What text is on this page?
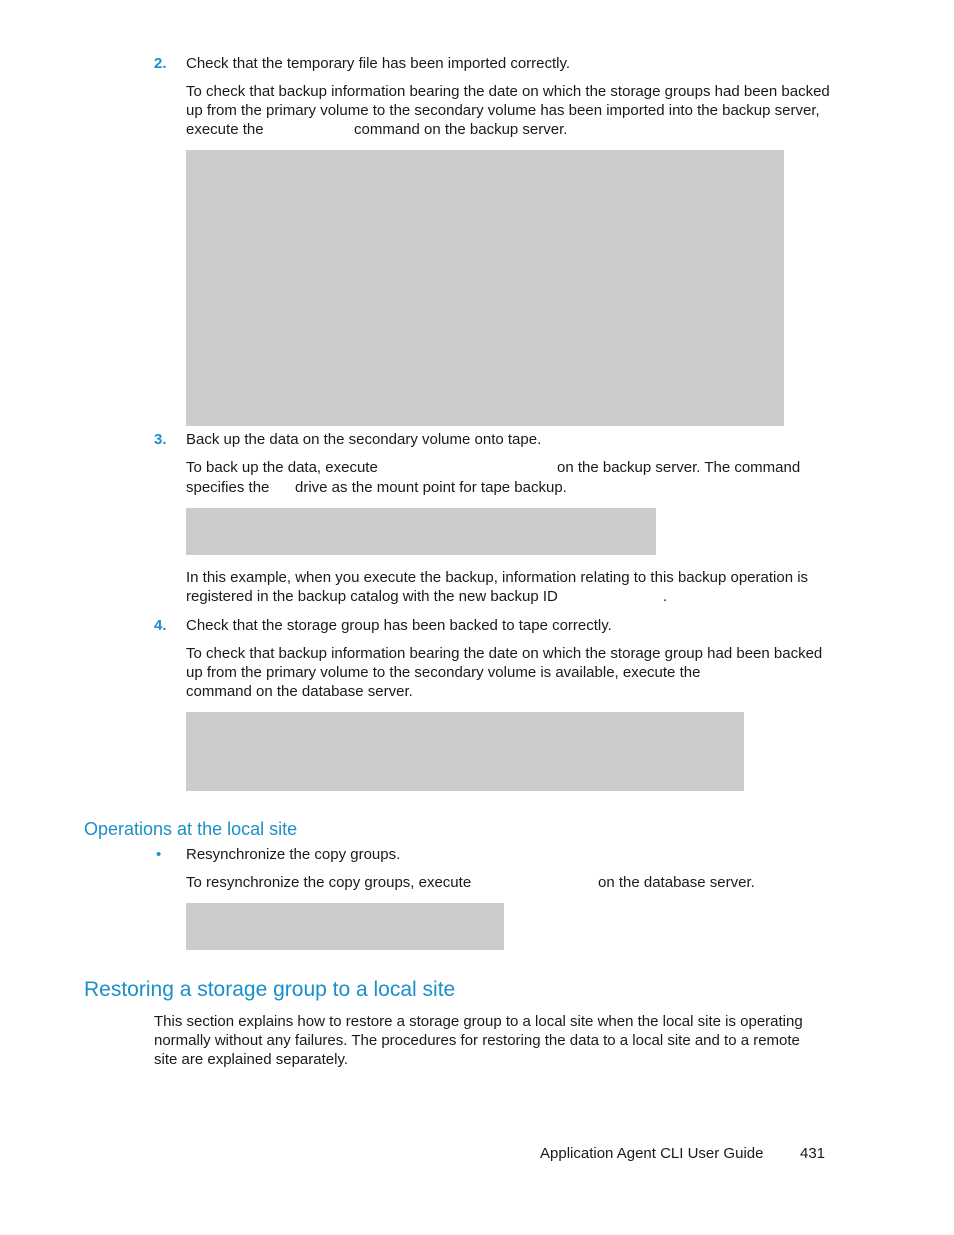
2. Check that the temporary file has been imported correctly.
To check that backup information bearing the date on which the storage groups had been backed
up from the primary volume to the secondary volume has been imported into the backup server,
execute the	command on the backup server.
3. Back up the data on the secondary volume onto tape.
To back up the data, execute	on the backup server. The command
specifies the drive as the mount point for tape backup.
In this example, when you execute the backup, information relating to this backup operation is
registered in the backup catalog with the new backup ID	.
4. Check that the storage group has been backed to tape correctly.
To check that backup information bearing the date on which the storage group had been backed
up from the primary volume to the secondary volume is available, execute the
command on the database server.
Operations at the local site
• Resynchronize the copy groups.
To resynchronize the copy groups, execute	on the database server.
Restoring a storage group to a local site
This section explains how to restore a storage group to a local site when the local site is operating
normally without any failures. The procedures for restoring the data to a local site and to a remote
site are explained separately.
Application Agent CLI User Guide 431
